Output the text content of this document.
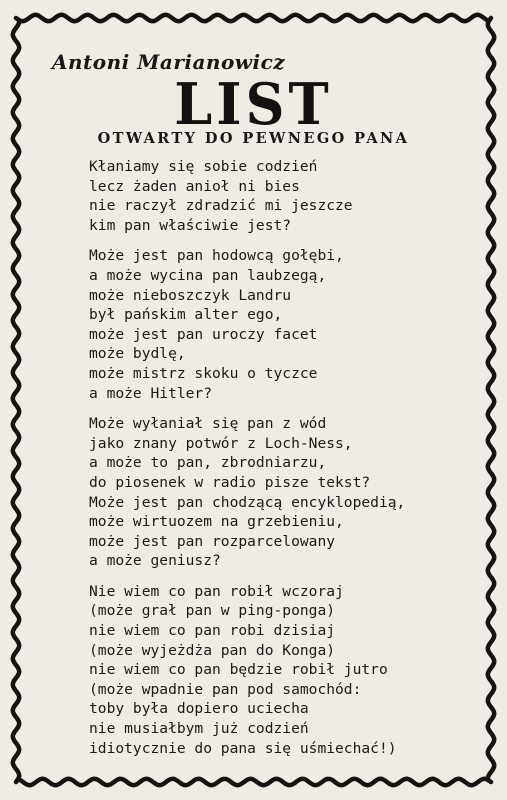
Antoni Marianowicz
LIST
OTWARTY DO PEWNEGO PANA
Kłaniamy się sobie codzień
lecz żaden anioł ni bies
nie raczył zdradzić mi jeszcze
kim pan właściwie jest?
Może jest pan hodowcą gołębi,
a może wycina pan laubzegą,
może nieboszczyk Landru
był pańskim alter ego,
może jest pan uroczy facet
może bydlę,
może mistrz skoku o tyczce
a może Hitler?
Może wyłaniał się pan z wód
jako znany potwór z Loch-Ness,
a może to pan, zbrodniarzu,
do piosenek w radio pisze tekst?
Może jest pan chodzącą encyklopedią,
może wirtuozem na grzebieniu,
może jest pan rozparcelowany
a może geniusz?
Nie wiem co pan robił wczoraj
(może grał pan w ping-ponga)
nie wiem co pan robi dzisiaj
(może wyjeżdża pan do Konga)
nie wiem co pan będzie robił jutro
(może wpadnie pan pod samochód:
toby była dopiero uciecha
nie musiałbym już codzień
idiotycznie do pana się uśmiechać!)
